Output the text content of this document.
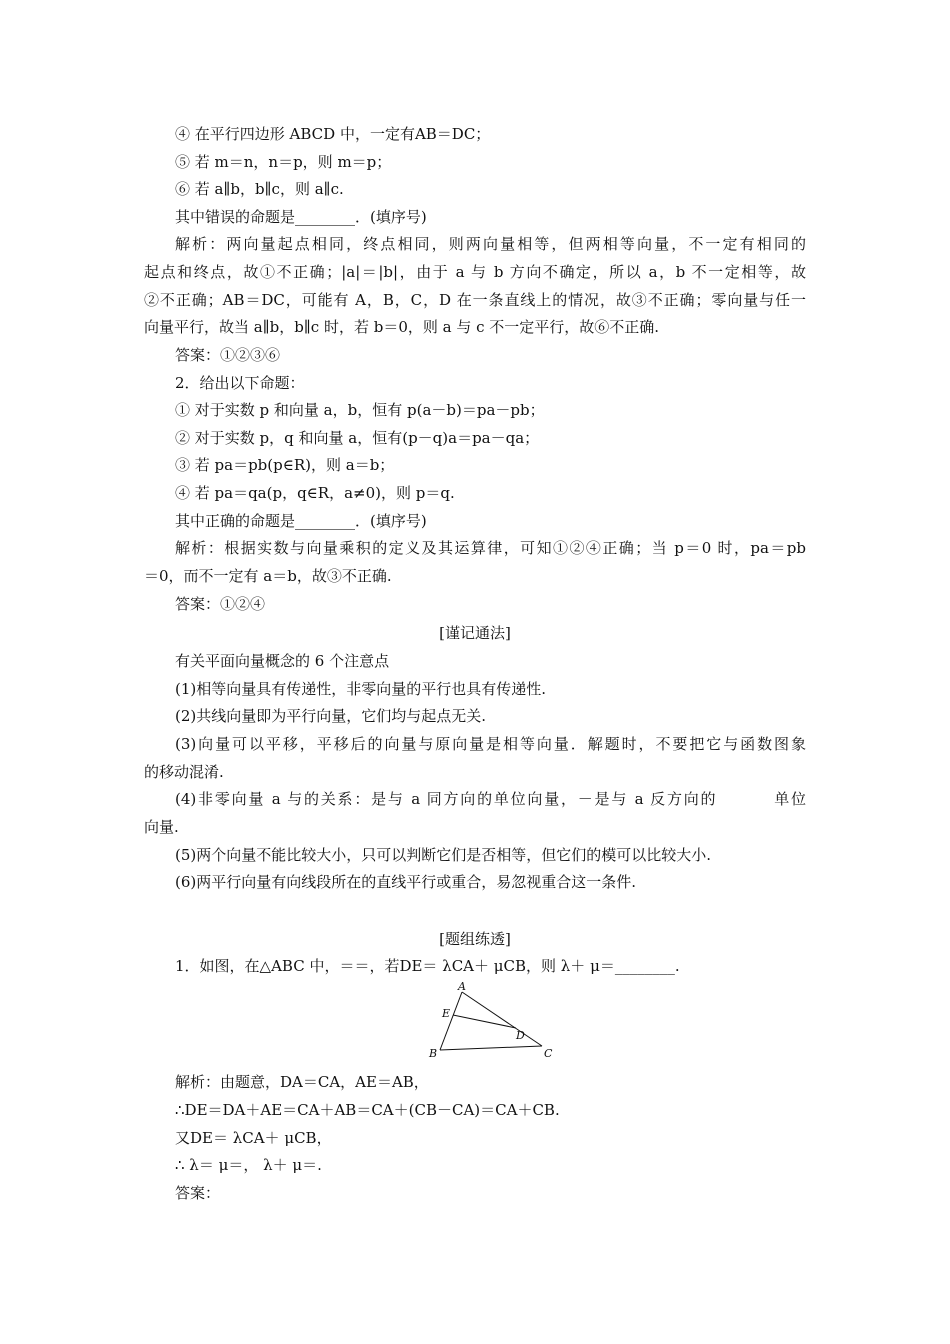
④ 在平行四边形 ABCD 中，一定有AB＝DC；
⑤ 若 m＝n，n＝p，则 m＝p；
⑥ 若 a∥b，b∥c，则 a∥c.
其中错误的命题是________．(填序号)
解析：两向量起点相同，终点相同，则两向量相等，但两相等向量，不一定有相同的
起点和终点，故①不正确；|a|＝|b|，由于 a 与 b 方向不确定，所以 a，b 不一定相等，故
②不正确；AB＝DC，可能有 A，B，C，D 在一条直线上的情况，故③不正确；零向量与任一
向量平行，故当 a∥b，b∥c 时，若 b＝0，则 a 与 c 不一定平行，故⑥不正确.
答案：①②③⑥
2．给出以下命题：
① 对于实数 p 和向量 a，b，恒有 p(a－b)＝pa－pb；
② 对于实数 p，q 和向量 a，恒有(p－q)a＝pa－qa；
③ 若 pa＝pb(p∈R)，则 a＝b；
④ 若 pa＝qa(p，q∈R，a≠0)，则 p＝q.
其中正确的命题是________．(填序号)
解析：根据实数与向量乘积的定义及其运算律，可知①②④正确；当 p＝0 时，pa＝pb
＝0，而不一定有 a＝b，故③不正确.
答案：①②④
[谨记通法]
有关平面向量概念的 6 个注意点
(1)相等向量具有传递性，非零向量的平行也具有传递性.
(2)共线向量即为平行向量，它们均与起点无关.
(3)向量可以平移，平移后的向量与原向量是相等向量．解题时，不要把它与函数图象
的移动混淆.
(4)非零向量 a 与的关系：是与 a 同方向的单位向量，－是与 a 反方向的　　　 单位
向量.
(5)两个向量不能比较大小，只可以判断它们是否相等，但它们的模可以比较大小.
(6)两平行向量有向线段所在的直线平行或重合，易忽视重合这一条件.
[题组练透]
1．如图，在△ABC 中，＝＝，若DE＝ λCA＋ μCB，则 λ＋ μ＝________.
A
B	C
D
E
解析：由题意，DA＝CA，AE＝AB，
∴DE＝DA＋AE＝CA＋AB＝CA＋(CB－CA)＝CA＋CB.
又DE＝ λCA＋ μCB，
∴ λ＝ μ＝， λ＋ μ＝.
答案：
